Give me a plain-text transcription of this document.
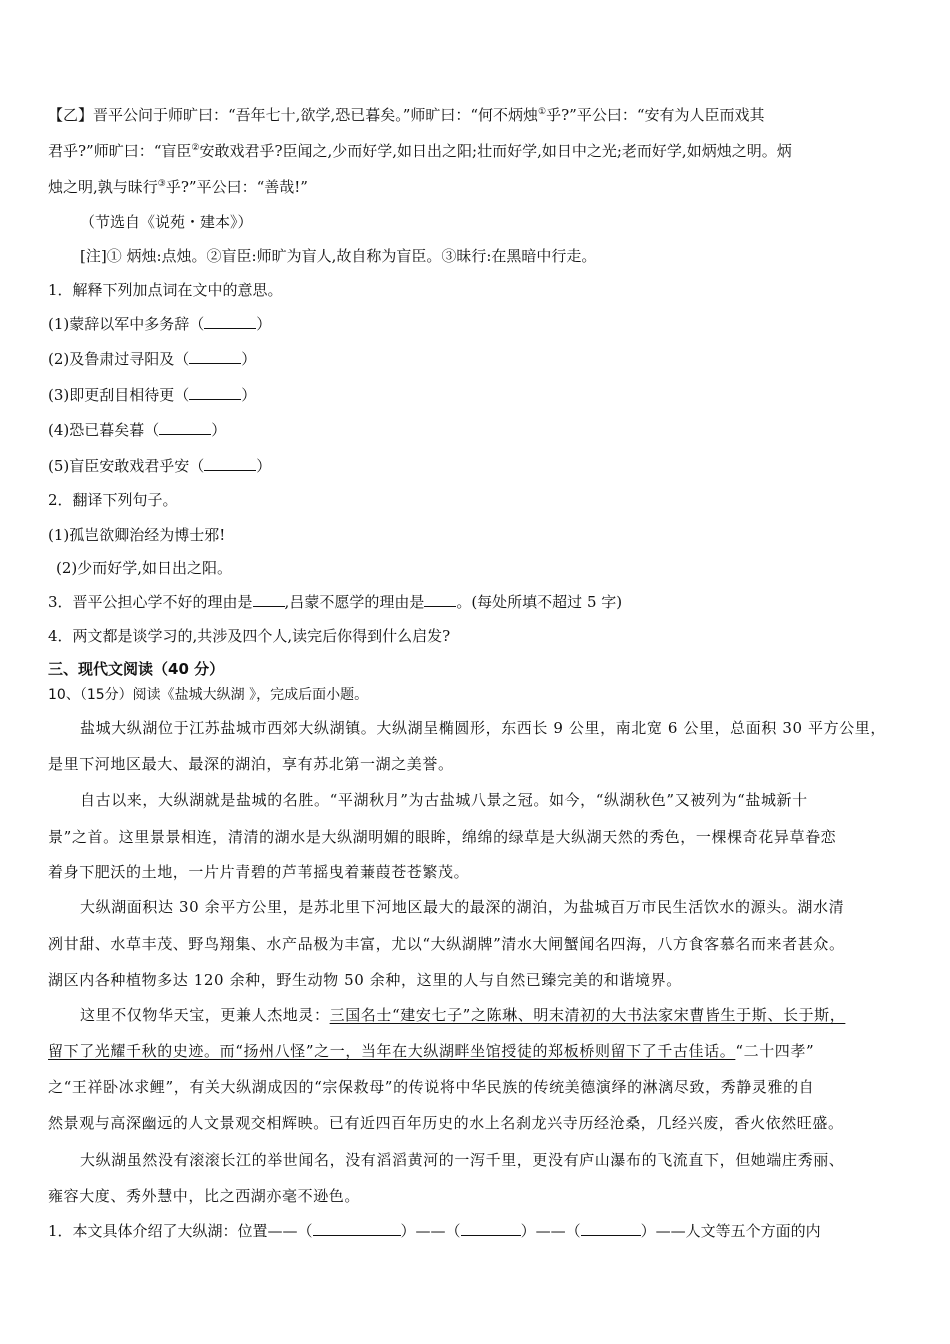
【乙】晋平公问于师旷曰：“吾年七十,欲学,恐已暮矣。”师旷曰：“何不炳烛①乎?”平公曰：“安有为人臣而戏其
君乎?”师旷曰：“盲臣②安敢戏君乎?臣闻之,少而好学,如日出之阳;壮而好学,如日中之光;老而好学,如炳烛之明。炳
烛之明,孰与昧行③乎?”平公曰：“善哉!”
（节选自《说苑・建本》）
[注]① 炳烛:点烛。②盲臣:师旷为盲人,故自称为盲臣。③昧行:在黑暗中行走。
1．解释下列加点词在文中的意思。
(1)蒙辞以军中多务辞（	）
(2)及鲁肃过寻阳及（	）
(3)即更刮目相待更（	）
(4)恐已暮矣暮（	）
(5)盲臣安敢戏君乎安（	）
2．翻译下列句子。
(1)孤岂欲卿治经为博士邪!
(2)少而好学,如日出之阳。
3．晋平公担心学不好的理由是 ,吕蒙不愿学的理由是 。(每处所填不超过 5 字)
4．两文都是谈学习的,共涉及四个人,读完后你得到什么启发?
三、现代文阅读（40 分）
10、（15分）阅读《盐城大纵湖 》，完成后面小题。
盐城大纵湖位于江苏盐城市西郊大纵湖镇。大纵湖呈椭圆形，东西长 9 公里，南北宽 6 公里，总面积 30 平方公里，
是里下河地区最大、最深的湖泊，享有苏北第一湖之美誉。
自古以来，大纵湖就是盐城的名胜。“平湖秋月”为古盐城八景之冠。如今，“纵湖秋色”又被列为“盐城新十
景”之首。这里景景相连，清清的湖水是大纵湖明媚的眼眸，绵绵的绿草是大纵湖天然的秀色，一棵棵奇花异草眷恋
着身下肥沃的土地，一片片青碧的芦苇摇曳着蒹葭苍苍繁茂。
大纵湖面积达 30 余平方公里，是苏北里下河地区最大的最深的湖泊，为盐城百万市民生活饮水的源头。湖水清
冽甘甜、水草丰茂、野鸟翔集、水产品极为丰富，尤以“大纵湖牌”清水大闸蟹闻名四海，八方食客慕名而来者甚众。
湖区内各种植物多达 120 余种，野生动物 50 余种，这里的人与自然已臻完美的和谐境界。
这里不仅物华天宝，更兼人杰地灵：三国名士“建安七子”之陈琳、明末清初的大书法家宋曹皆生于斯、长于斯，
留下了光耀千秋的史迹。而“扬州八怪”之一，当年在大纵湖畔坐馆授徒的郑板桥则留下了千古佳话。“二十四孝”
之“王祥卧冰求鲤”，有关大纵湖成因的“宗保救母”的传说将中华民族的传统美德演绎的淋漓尽致，秀静灵雅的自
然景观与高深幽远的人文景观交相辉映。已有近四百年历史的水上名刹龙兴寺历经沧桑，几经兴废，香火依然旺盛。
大纵湖虽然没有滚滚长江的举世闻名，没有滔滔黄河的一泻千里，更没有庐山瀑布的飞流直下，但她端庄秀丽、
雍容大度、秀外慧中，比之西湖亦毫不逊色。
1．本文具体介绍了大纵湖：位置——（	）——（	）——（	）——人文等五个方面的内
